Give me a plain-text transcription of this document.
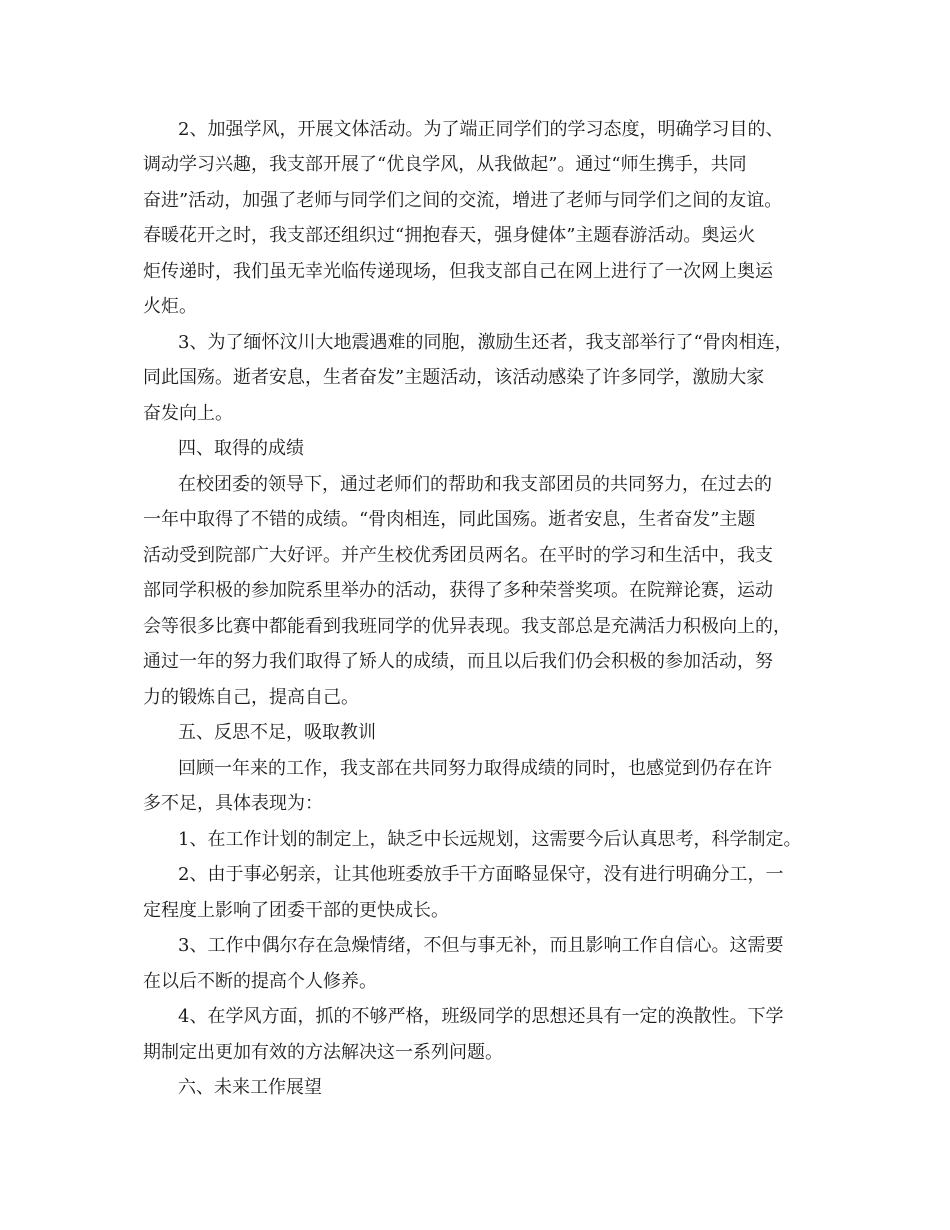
2、加强学风，开展文体活动。为了端正同学们的学习态度，明确学习目的、
调动学习兴趣，我支部开展了“优良学风，从我做起”。通过“师生携手，共同
奋进”活动，加强了老师与同学们之间的交流，增进了老师与同学们之间的友谊。
春暖花开之时，我支部还组织过“拥抱春天，强身健体”主题春游活动。奥运火
炬传递时，我们虽无幸光临传递现场，但我支部自己在网上进行了一次网上奥运
火炬。
3、为了缅怀汶川大地震遇难的同胞，激励生还者，我支部举行了“骨肉相连，
同此国殇。逝者安息，生者奋发”主题活动，该活动感染了许多同学，激励大家
奋发向上。
四、取得的成绩
在校团委的领导下，通过老师们的帮助和我支部团员的共同努力，在过去的
一年中取得了不错的成绩。“骨肉相连，同此国殇。逝者安息，生者奋发”主题
活动受到院部广大好评。并产生校优秀团员两名。在平时的学习和生活中，我支
部同学积极的参加院系里举办的活动，获得了多种荣誉奖项。在院辩论赛，运动
会等很多比赛中都能看到我班同学的优异表现。我支部总是充满活力积极向上的，
通过一年的努力我们取得了矫人的成绩，而且以后我们仍会积极的参加活动，努
力的锻炼自己，提高自己。
五、反思不足，吸取教训
回顾一年来的工作，我支部在共同努力取得成绩的同时，也感觉到仍存在许
多不足，具体表现为：
1、在工作计划的制定上，缺乏中长远规划，这需要今后认真思考，科学制定。
2、由于事必躬亲，让其他班委放手干方面略显保守，没有进行明确分工，一
定程度上影响了团委干部的更快成长。
3、工作中偶尔存在急燥情绪，不但与事无补，而且影响工作自信心。这需要
在以后不断的提高个人修养。
4、在学风方面，抓的不够严格，班级同学的思想还具有一定的涣散性。下学
期制定出更加有效的方法解决这一系列问题。
六、未来工作展望
